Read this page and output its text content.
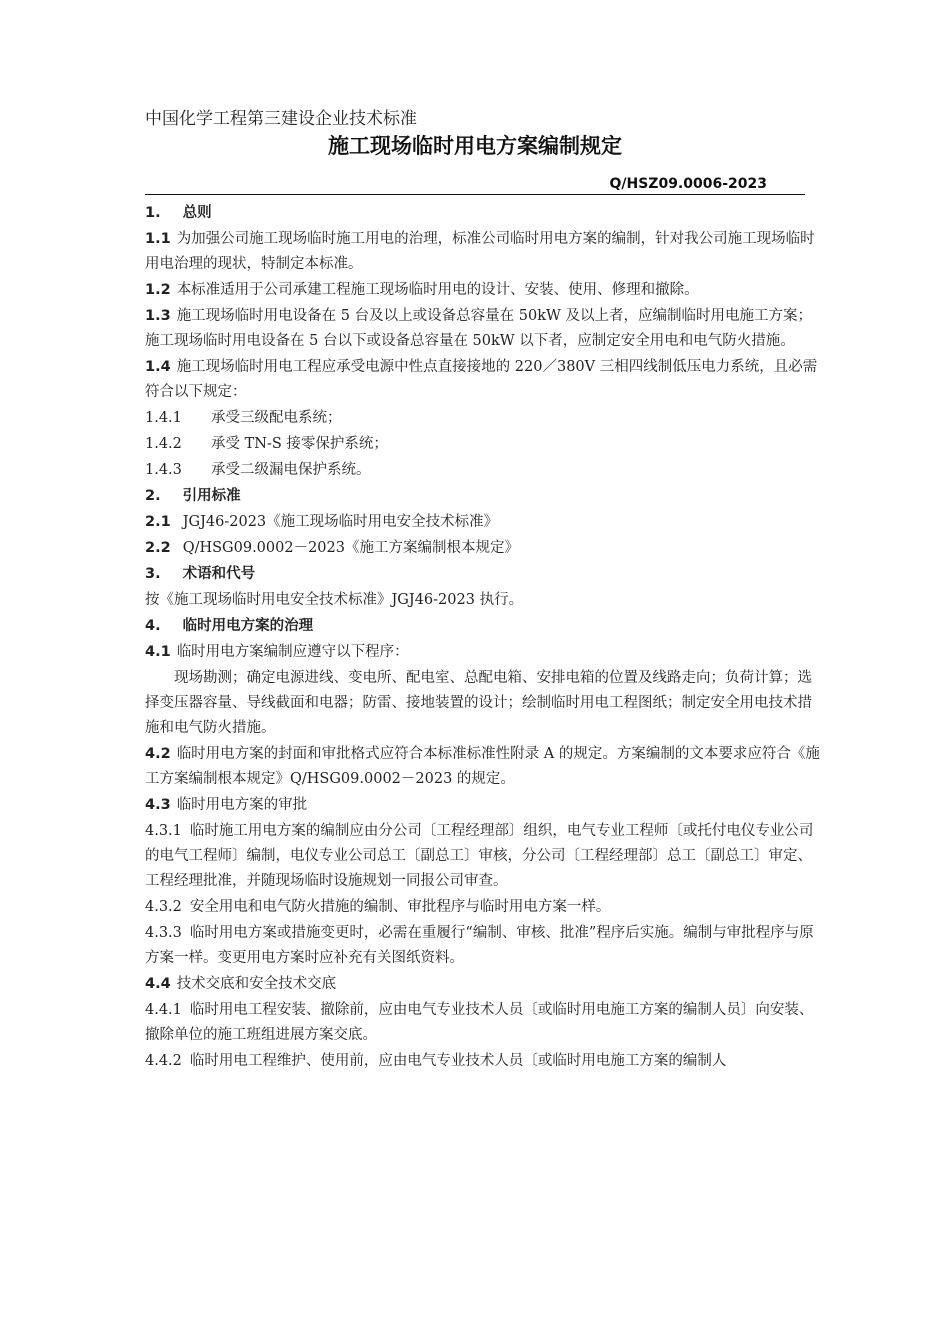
中国化学工程第三建设企业技术标准
施工现场临时用电方案编制规定
Q/HSZ09.0006-2023
1. 总则
1.1 为加强公司施工现场临时施工用电的治理，标准公司临时用电方案的编制，针对我公司施工现场临时用电治理的现状，特制定本标准。
1.2 本标准适用于公司承建工程施工现场临时用电的设计、安装、使用、修理和撤除。
1.3 施工现场临时用电设备在 5 台及以上或设备总容量在 50kW 及以上者，应编制临时用电施工方案；施工现场临时用电设备在 5 台以下或设备总容量在 50kW 以下者，应制定安全用电和电气防火措施。
1.4 施工现场临时用电工程应承受电源中性点直接接地的 220／380V 三相四线制低压电力系统，且必需符合以下规定：
1.4.1 承受三级配电系统；
1.4.2 承受 TN-S 接零保护系统；
1.4.3 承受二级漏电保护系统。
2. 引用标准
2.1 JGJ46-2023《施工现场临时用电安全技术标准》
2.2 Q/HSG09.0002－2023《施工方案编制根本规定》
3. 术语和代号
按《施工现场临时用电安全技术标准》JGJ46-2023 执行。
4. 临时用电方案的治理
4.1 临时用电方案编制应遵守以下程序：
现场勘测；确定电源进线、变电所、配电室、总配电箱、安排电箱的位置及线路走向；负荷计算；选择变压器容量、导线截面和电器；防雷、接地装置的设计；绘制临时用电工程图纸；制定安全用电技术措施和电气防火措施。
4.2 临时用电方案的封面和审批格式应符合本标准标准性附录 A 的规定。方案编制的文本要求应符合《施工方案编制根本规定》Q/HSG09.0002－2023 的规定。
4.3 临时用电方案的审批
4.3.1 临时施工用电方案的编制应由分公司〔工程经理部〕组织，电气专业工程师〔或托付电仪专业公司的电气工程师〕编制，电仪专业公司总工〔副总工〕审核，分公司〔工程经理部〕总工〔副总工〕审定、工程经理批准，并随现场临时设施规划一同报公司审查。
4.3.2 安全用电和电气防火措施的编制、审批程序与临时用电方案一样。
4.3.3 临时用电方案或措施变更时，必需在重履行“编制、审核、批准”程序后实施。编制与审批程序与原方案一样。变更用电方案时应补充有关图纸资料。
4.4 技术交底和安全技术交底
4.4.1 临时用电工程安装、撤除前，应由电气专业技术人员〔或临时用电施工方案的编制人员〕向安装、撤除单位的施工班组进展方案交底。
4.4.2 临时用电工程维护、使用前，应由电气专业技术人员〔或临时用电施工方案的编制人
